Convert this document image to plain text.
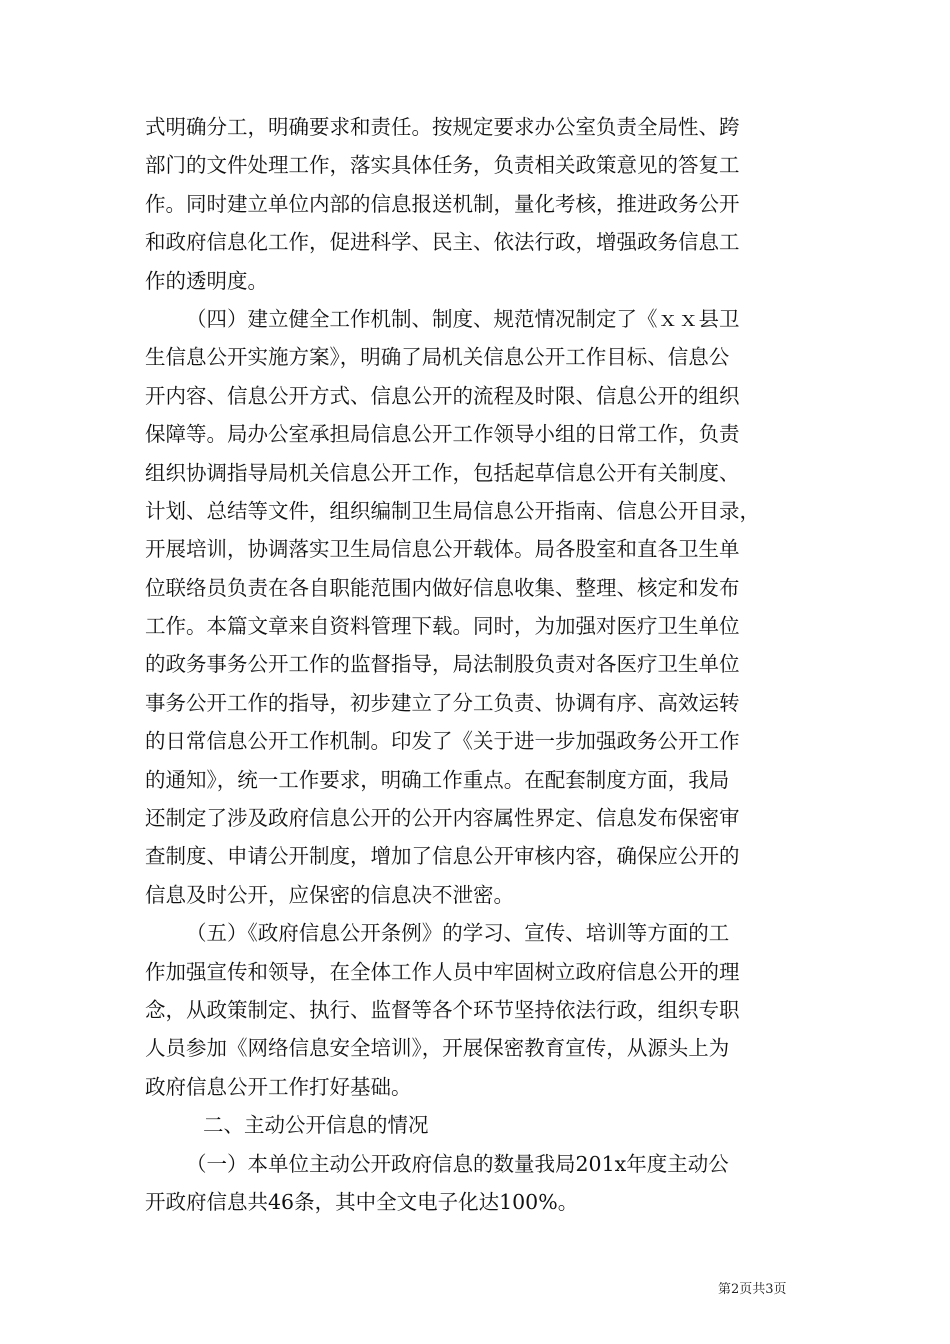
式明确分工，明确要求和责任。按规定要求办公室负责全局性、跨
部门的文件处理工作，落实具体任务，负责相关政策意见的答复工
作。同时建立单位内部的信息报送机制，量化考核，推进政务公开
和政府信息化工作，促进科学、民主、依法行政，增强政务信息工
作的透明度。
（四）建立健全工作机制、制度、规范情况制定了《ｘｘ县卫
生信息公开实施方案》，明确了局机关信息公开工作目标、信息公
开内容、信息公开方式、信息公开的流程及时限、信息公开的组织
保障等。局办公室承担局信息公开工作领导小组的日常工作，负责
组织协调指导局机关信息公开工作，包括起草信息公开有关制度、
计划、总结等文件，组织编制卫生局信息公开指南、信息公开目录，
开展培训，协调落实卫生局信息公开载体。局各股室和直各卫生单
位联络员负责在各自职能范围内做好信息收集、整理、核定和发布
工作。本篇文章来自资料管理下载。同时，为加强对医疗卫生单位
的政务事务公开工作的监督指导，局法制股负责对各医疗卫生单位
事务公开工作的指导，初步建立了分工负责、协调有序、高效运转
的日常信息公开工作机制。印发了《关于进一步加强政务公开工作
的通知》，统一工作要求，明确工作重点。在配套制度方面，我局
还制定了涉及政府信息公开的公开内容属性界定、信息发布保密审
查制度、申请公开制度，增加了信息公开审核内容，确保应公开的
信息及时公开，应保密的信息决不泄密。
（五）《政府信息公开条例》的学习、宣传、培训等方面的工
作加强宣传和领导，在全体工作人员中牢固树立政府信息公开的理
念，从政策制定、执行、监督等各个环节坚持依法行政，组织专职
人员参加《网络信息安全培训》，开展保密教育宣传，从源头上为
政府信息公开工作打好基础。
二、主动公开信息的情况
（一）本单位主动公开政府信息的数量我局201x年度主动公
开政府信息共46条，其中全文电子化达100%。
第2页共3页
